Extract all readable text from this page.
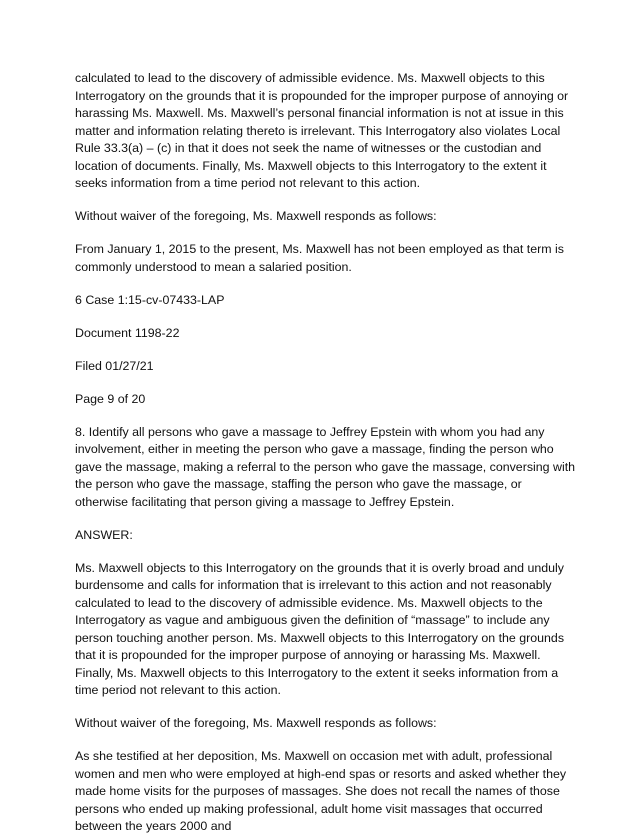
calculated to lead to the discovery of admissible evidence. Ms. Maxwell objects to this Interrogatory on the grounds that it is propounded for the improper purpose of annoying or harassing Ms. Maxwell. Ms. Maxwell’s personal financial information is not at issue in this matter and information relating thereto is irrelevant. This Interrogatory also violates Local Rule 33.3(a) – (c) in that it does not seek the name of witnesses or the custodian and location of documents. Finally, Ms. Maxwell objects to this Interrogatory to the extent it seeks information from a time period not relevant to this action.

Without waiver of the foregoing, Ms. Maxwell responds as follows:

From January 1, 2015 to the present, Ms. Maxwell has not been employed as that term is commonly understood to mean a salaried position.

6 Case 1:15-cv-07433-LAP

Document 1198-22

Filed 01/27/21

Page 9 of 20

8. Identify all persons who gave a massage to Jeffrey Epstein with whom you had any involvement, either in meeting the person who gave a massage, finding the person who gave the massage, making a referral to the person who gave the massage, conversing with the person who gave the massage, staffing the person who gave the massage, or otherwise facilitating that person giving a massage to Jeffrey Epstein.

ANSWER:

Ms. Maxwell objects to this Interrogatory on the grounds that it is overly broad and unduly burdensome and calls for information that is irrelevant to this action and not reasonably calculated to lead to the discovery of admissible evidence. Ms. Maxwell objects to the Interrogatory as vague and ambiguous given the definition of “massage” to include any person touching another person. Ms. Maxwell objects to this Interrogatory on the grounds that it is propounded for the improper purpose of annoying or harassing Ms. Maxwell. Finally, Ms. Maxwell objects to this Interrogatory to the extent it seeks information from a time period not relevant to this action.

Without waiver of the foregoing, Ms. Maxwell responds as follows:

As she testified at her deposition, Ms. Maxwell on occasion met with adult, professional women and men who were employed at high-end spas or resorts and asked whether they made home visits for the purposes of massages. She does not recall the names of those persons who ended up making professional, adult home visit massages that occurred between the years 2000 and
